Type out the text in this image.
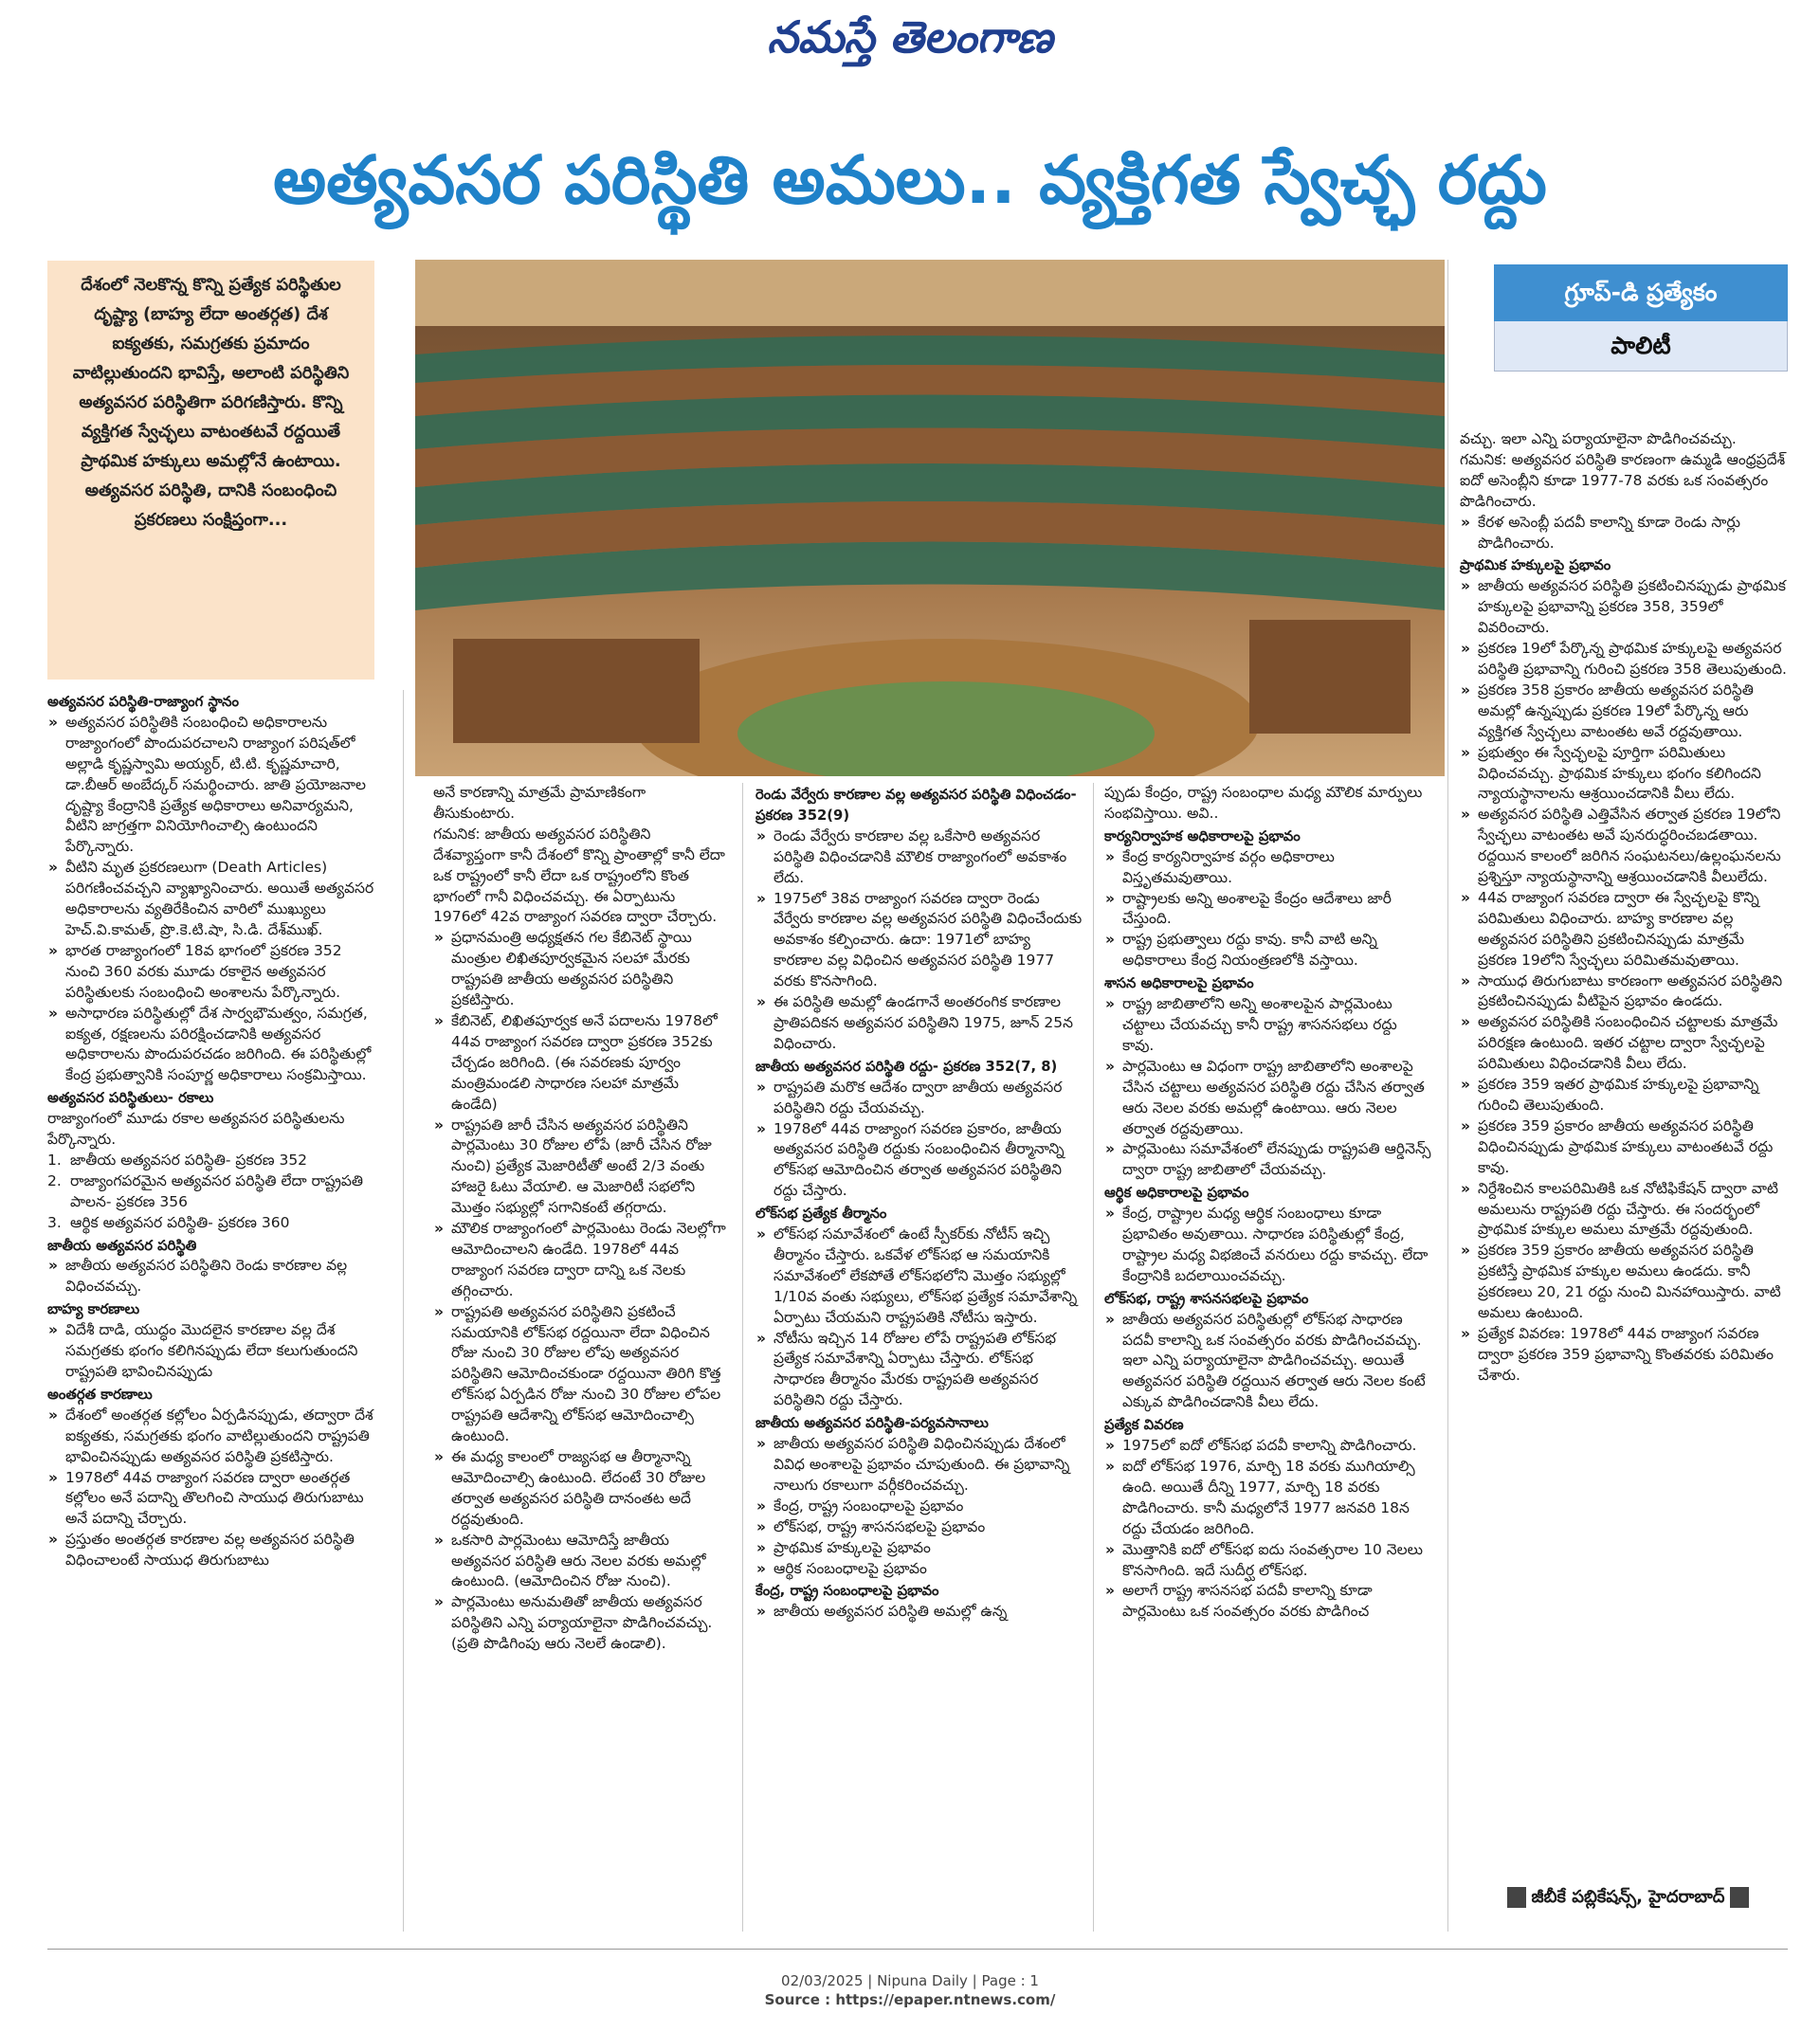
నమస్తే తెలంగాణ
అత్యవసర పరిస్థితి అమలు.. వ్యక్తిగత స్వేచ్ఛ రద్దు

దేశంలో నెలకొన్న కొన్ని ప్రత్యేక పరిస్థితుల దృష్ట్యా (బాహ్య లేదా అంతర్గత) దేశ ఐక్యతకు, సమగ్రతకు ప్రమాదం వాటిల్లుతుందని భావిస్తే, అలాంటి పరిస్థితిని అత్యవసర పరిస్థితిగా పరిగణిస్తారు. కొన్ని వ్యక్తిగత స్వేచ్ఛలు వాటంతటవే రద్దయితే ప్రాథమిక హక్కులు అమల్లోనే ఉంటాయి. అత్యవసర పరిస్థితి, దానికి సంబంధించి ప్రకరణలు సంక్షిప్తంగా...

గ్రూప్-డి ప్రత్యేకం
పాలిటీ
అత్యవసర పరిస్థితి-రాజ్యాంగ స్థానం
» అత్యవసర పరిస్థితికి సంబంధించి అధికారాలను రాజ్యాంగంలో పొందుపరచాలని రాజ్యాంగ పరిషత్‌లో అల్లాడి కృష్ణస్వామి అయ్యర్, టి.టి. కృష్ణమాచారి, డా.బీఆర్ అంబేద్కర్ సమర్థించారు. జాతి ప్రయోజనాల దృష్ట్యా కేంద్రానికి ప్రత్యేక అధికారాలు అనివార్యమని, వీటిని జాగ్రత్తగా వినియోగించాల్సి ఉంటుందని పేర్కొన్నారు.
» వీటిని మృత ప్రకరణలుగా (Death Articles) పరిగణించవచ్చని వ్యాఖ్యానించారు. అయితే అత్యవసర అధికారాలను వ్యతిరేకించిన వారిలో ముఖ్యులు హెచ్.వి.కామత్, ప్రొ.కె.టి.షా, సి.డి. దేశ్‌ముఖ్.
» భారత రాజ్యాంగంలో 18వ భాగంలో ప్రకరణ 352 నుంచి 360 వరకు మూడు రకాలైన అత్యవసర పరిస్థితులకు సంబంధించి అంశాలను పేర్కొన్నారు.
» అసాధారణ పరిస్థితుల్లో దేశ సార్వభౌమత్వం, సమగ్రత, ఐక్యత, రక్షణలను పరిరక్షించడానికి అత్యవసర అధికారాలను పొందుపరచడం జరిగింది. ఈ పరిస్థితుల్లో కేంద్ర ప్రభుత్వానికి సంపూర్ణ అధికారాలు సంక్రమిస్తాయి.
అత్యవసర పరిస్థితులు- రకాలు
రాజ్యాంగంలో మూడు రకాల అత్యవసర పరిస్థితులను పేర్కొన్నారు.
1. జాతీయ అత్యవసర పరిస్థితి- ప్రకరణ 352
2. రాజ్యాంగపరమైన అత్యవసర పరిస్థితి లేదా రాష్ట్రపతి పాలన- ప్రకరణ 356
3. ఆర్థిక అత్యవసర పరిస్థితి- ప్రకరణ 360
జాతీయ అత్యవసర పరిస్థితి
» జాతీయ అత్యవసర పరిస్థితిని రెండు కారణాల వల్ల విధించవచ్చు.
బాహ్య కారణాలు
» విదేశీ దాడి, యుద్ధం మొదలైన కారణాల వల్ల దేశ సమగ్రతకు భంగం కలిగినప్పుడు లేదా కలుగుతుందని రాష్ట్రపతి భావించినప్పుడు
అంతర్గత కారణాలు
» దేశంలో అంతర్గత కల్లోలం ఏర్పడినప్పుడు, తద్వారా దేశ ఐక్యతకు, సమగ్రతకు భంగం వాటిల్లుతుందని రాష్ట్రపతి భావించినప్పుడు అత్యవసర పరిస్థితి ప్రకటిస్తారు.
» 1978లో 44వ రాజ్యాంగ సవరణ ద్వారా అంతర్గత కల్లోలం అనే పదాన్ని తొలగించి సాయుధ తిరుగుబాటు అనే పదాన్ని చేర్చారు.
» ప్రస్తుతం అంతర్గత కారణాల వల్ల అత్యవసర పరిస్థితి విధించాలంటే సాయుధ తిరుగుబాటు
అనే కారణాన్ని మాత్రమే ప్రామాణికంగా తీసుకుంటారు.
గమనిక: జాతీయ అత్యవసర పరిస్థితిని దేశవ్యాప్తంగా కానీ దేశంలో కొన్ని ప్రాంతాల్లో కానీ లేదా ఒక రాష్ట్రంలో కానీ లేదా ఒక రాష్ట్రంలోని కొంత భాగంలో గానీ విధించవచ్చు. ఈ ఏర్పాటును 1976లో 42వ రాజ్యాంగ సవరణ ద్వారా చేర్చారు.
» ప్రధానమంత్రి అధ్యక్షతన గల కేబినెట్ స్థాయి మంత్రుల లిఖితపూర్వకమైన సలహా మేరకు రాష్ట్రపతి జాతీయ అత్యవసర పరిస్థితిని ప్రకటిస్తారు.
» కేబినెట్, లిఖితపూర్వక అనే పదాలను 1978లో 44వ రాజ్యాంగ సవరణ ద్వారా ప్రకరణ 352కు చేర్చడం జరిగింది. (ఈ సవరణకు పూర్వం మంత్రిమండలి సాధారణ సలహా మాత్రమే ఉండేది)
» రాష్ట్రపతి జారీ చేసిన అత్యవసర పరిస్థితిని పార్లమెంటు 30 రోజుల లోపే (జారీ చేసిన రోజు నుంచి) ప్రత్యేక మెజారిటీతో అంటే 2/3 వంతు హాజరై ఓటు వేయాలి. ఆ మెజారిటీ సభలోని మొత్తం సభ్యుల్లో సగానికంటే తగ్గరాదు.
» మౌలిక రాజ్యాంగంలో పార్లమెంటు రెండు నెలల్లోగా ఆమోదించాలని ఉండేది. 1978లో 44వ రాజ్యాంగ సవరణ ద్వారా దాన్ని ఒక నెలకు తగ్గించారు.
» రాష్ట్రపతి అత్యవసర పరిస్థితిని ప్రకటించే సమయానికి లోక్‌సభ రద్దయినా లేదా విధించిన రోజు నుంచి 30 రోజుల లోపు అత్యవసర పరిస్థితిని ఆమోదించకుండా రద్దయినా తిరిగి కొత్త లోక్‌సభ ఏర్పడిన రోజు నుంచి 30 రోజుల లోపల రాష్ట్రపతి ఆదేశాన్ని లోక్‌సభ ఆమోదించాల్సి ఉంటుంది.
» ఈ మధ్య కాలంలో రాజ్యసభ ఆ తీర్మానాన్ని ఆమోదించాల్సి ఉంటుంది. లేదంటే 30 రోజుల తర్వాత అత్యవసర పరిస్థితి దానంతట అదే రద్దవుతుంది.
» ఒకసారి పార్లమెంటు ఆమోదిస్తే జాతీయ అత్యవసర పరిస్థితి ఆరు నెలల వరకు అమల్లో ఉంటుంది. (ఆమోదించిన రోజు నుంచి).
» పార్లమెంటు అనుమతితో జాతీయ అత్యవసర పరిస్థితిని ఎన్ని పర్యాయాలైనా పొడిగించవచ్చు. (ప్రతి పొడిగింపు ఆరు నెలలే ఉండాలి).
రెండు వేర్వేరు కారణాల వల్ల అత్యవసర పరిస్థితి విధించడం- ప్రకరణ 352(9)
» రెండు వేర్వేరు కారణాల వల్ల ఒకేసారి అత్యవసర పరిస్థితి విధించడానికి మౌలిక రాజ్యాంగంలో అవకాశం లేదు.
» 1975లో 38వ రాజ్యాంగ సవరణ ద్వారా రెండు వేర్వేరు కారణాల వల్ల అత్యవసర పరిస్థితి విధించేందుకు అవకాశం కల్పించారు. ఉదా: 1971లో బాహ్య కారణాల వల్ల విధించిన అత్యవసర పరిస్థితి 1977 వరకు కొనసాగింది.
» ఈ పరిస్థితి అమల్లో ఉండగానే అంతరంగిక కారణాల ప్రాతిపదికన అత్యవసర పరిస్థితిని 1975, జూన్ 25న విధించారు.
జాతీయ అత్యవసర పరిస్థితి రద్దు- ప్రకరణ 352(7, 8)
» రాష్ట్రపతి మరొక ఆదేశం ద్వారా జాతీయ అత్యవసర పరిస్థితిని రద్దు చేయవచ్చు.
» 1978లో 44వ రాజ్యాంగ సవరణ ప్రకారం, జాతీయ అత్యవసర పరిస్థితి రద్దుకు సంబంధించిన తీర్మానాన్ని లోక్‌సభ ఆమోదించిన తర్వాత అత్యవసర పరిస్థితిని రద్దు చేస్తారు.
లోక్‌సభ ప్రత్యేక తీర్మానం
» లోక్‌సభ సమావేశంలో ఉంటే స్పీకర్‌కు నోటీస్ ఇచ్చి తీర్మానం చేస్తారు. ఒకవేళ లోక్‌సభ ఆ సమయానికి సమావేశంలో లేకపోతే లోక్‌సభలోని మొత్తం సభ్యుల్లో 1/10వ వంతు సభ్యులు, లోక్‌సభ ప్రత్యేక సమావేశాన్ని ఏర్పాటు చేయమని రాష్ట్రపతికి నోటీసు ఇస్తారు.
» నోటీసు ఇచ్చిన 14 రోజుల లోపే రాష్ట్రపతి లోక్‌సభ ప్రత్యేక సమావేశాన్ని ఏర్పాటు చేస్తారు. లోక్‌సభ సాధారణ తీర్మానం మేరకు రాష్ట్రపతి అత్యవసర పరిస్థితిని రద్దు చేస్తారు.
జాతీయ అత్యవసర పరిస్థితి-పర్యవసానాలు
» జాతీయ అత్యవసర పరిస్థితి విధించినప్పుడు దేశంలో వివిధ అంశాలపై ప్రభావం చూపుతుంది. ఈ ప్రభావాన్ని నాలుగు రకాలుగా వర్గీకరించవచ్చు.
» కేంద్ర, రాష్ట్ర సంబంధాలపై ప్రభావం
» లోక్‌సభ, రాష్ట్ర శాసనసభలపై ప్రభావం
» ప్రాథమిక హక్కులపై ప్రభావం
» ఆర్థిక సంబంధాలపై ప్రభావం
కేంద్ర, రాష్ట్ర సంబంధాలపై ప్రభావం
» జాతీయ అత్యవసర పరిస్థితి అమల్లో ఉన్న
ప్పుడు కేంద్రం, రాష్ట్ర సంబంధాల మధ్య మౌలిక మార్పులు సంభవిస్తాయి. అవి..
కార్యనిర్వాహక అధికారాలపై ప్రభావం
» కేంద్ర కార్యనిర్వాహక వర్గం అధికారాలు విస్తృతమవుతాయి.
» రాష్ట్రాలకు అన్ని అంశాలపై కేంద్రం ఆదేశాలు జారీ చేస్తుంది.
» రాష్ట్ర ప్రభుత్వాలు రద్దు కావు. కానీ వాటి అన్ని అధికారాలు కేంద్ర నియంత్రణలోకి వస్తాయి.
శాసన అధికారాలపై ప్రభావం
» రాష్ట్ర జాబితాలోని అన్ని అంశాలపైన పార్లమెంటు చట్టాలు చేయవచ్చు కానీ రాష్ట్ర శాసనసభలు రద్దు కావు.
» పార్లమెంటు ఆ విధంగా రాష్ట్ర జాబితాలోని అంశాలపై చేసిన చట్టాలు అత్యవసర పరిస్థితి రద్దు చేసిన తర్వాత ఆరు నెలల వరకు అమల్లో ఉంటాయి. ఆరు నెలల తర్వాత రద్దవుతాయి.
» పార్లమెంటు సమావేశంలో లేనప్పుడు రాష్ట్రపతి ఆర్డినెన్స్ ద్వారా రాష్ట్ర జాబితాలో చేయవచ్చు.
ఆర్థిక అధికారాలపై ప్రభావం
» కేంద్ర, రాష్ట్రాల మధ్య ఆర్థిక సంబంధాలు కూడా ప్రభావితం అవుతాయి. సాధారణ పరిస్థితుల్లో కేంద్ర, రాష్ట్రాల మధ్య విభజించే వనరులు రద్దు కావచ్చు. లేదా కేంద్రానికి బదలాయించవచ్చు.
లోక్‌సభ, రాష్ట్ర శాసనసభలపై ప్రభావం
» జాతీయ అత్యవసర పరిస్థితుల్లో లోక్‌సభ సాధారణ పదవీ కాలాన్ని ఒక సంవత్సరం వరకు పొడిగించవచ్చు. ఇలా ఎన్ని పర్యాయాలైనా పొడిగించవచ్చు. అయితే అత్యవసర పరిస్థితి రద్దయిన తర్వాత ఆరు నెలల కంటే ఎక్కువ పొడిగించడానికి వీలు లేదు.
ప్రత్యేక వివరణ
» 1975లో ఐదో లోక్‌సభ పదవీ కాలాన్ని పొడిగించారు.
» ఐదో లోక్‌సభ 1976, మార్చి 18 వరకు ముగియాల్సి ఉంది. అయితే దీన్ని 1977, మార్చి 18 వరకు పొడిగించారు. కానీ మధ్యలోనే 1977 జనవరి 18న రద్దు చేయడం జరిగింది.
» మొత్తానికి ఐదో లోక్‌సభ ఐదు సంవత్సరాల 10 నెలలు కొనసాగింది. ఇదే సుదీర్ఘ లోక్‌సభ.
» అలాగే రాష్ట్ర శాసనసభ పదవీ కాలాన్ని కూడా పార్లమెంటు ఒక సంవత్సరం వరకు పొడిగించ
వచ్చు. ఇలా ఎన్ని పర్యాయాలైనా పొడిగించవచ్చు.
గమనిక: అత్యవసర పరిస్థితి కారణంగా ఉమ్మడి ఆంధ్రప్రదేశ్ ఐదో అసెంబ్లీని కూడా 1977-78 వరకు ఒక సంవత్సరం పొడిగించారు.
» కేరళ అసెంబ్లీ పదవీ కాలాన్ని కూడా రెండు సార్లు పొడిగించారు.
ప్రాథమిక హక్కులపై ప్రభావం
» జాతీయ అత్యవసర పరిస్థితి ప్రకటించినప్పుడు ప్రాథమిక హక్కులపై ప్రభావాన్ని ప్రకరణ 358, 359లో వివరించారు.
» ప్రకరణ 19లో పేర్కొన్న ప్రాథమిక హక్కులపై అత్యవసర పరిస్థితి ప్రభావాన్ని గురించి ప్రకరణ 358 తెలుపుతుంది.
» ప్రకరణ 358 ప్రకారం జాతీయ అత్యవసర పరిస్థితి అమల్లో ఉన్నప్పుడు ప్రకరణ 19లో పేర్కొన్న ఆరు వ్యక్తిగత స్వేచ్ఛలు వాటంతట అవే రద్దవుతాయి.
» ప్రభుత్వం ఈ స్వేచ్ఛలపై పూర్తిగా పరిమితులు విధించవచ్చు. ప్రాథమిక హక్కులు భంగం కలిగిందని న్యాయస్థానాలను ఆశ్రయించడానికి వీలు లేదు.
» అత్యవసర పరిస్థితి ఎత్తివేసిన తర్వాత ప్రకరణ 19లోని స్వేచ్ఛలు వాటంతట అవే పునరుద్ధరించబడతాయి. రద్దయిన కాలంలో జరిగిన సంఘటనలు/ఉల్లంఘనలను ప్రశ్నిస్తూ న్యాయస్థానాన్ని ఆశ్రయించడానికి వీలులేదు.
» 44వ రాజ్యాంగ సవరణ ద్వారా ఈ స్వేచ్ఛలపై కొన్ని పరిమితులు విధించారు. బాహ్య కారణాల వల్ల అత్యవసర పరిస్థితిని ప్రకటించినప్పుడు మాత్రమే ప్రకరణ 19లోని స్వేచ్ఛలు పరిమితమవుతాయి.
» సాయుధ తిరుగుబాటు కారణంగా అత్యవసర పరిస్థితిని ప్రకటించినప్పుడు వీటిపైన ప్రభావం ఉండదు.
» అత్యవసర పరిస్థితికి సంబంధించిన చట్టాలకు మాత్రమే పరిరక్షణ ఉంటుంది. ఇతర చట్టాల ద్వారా స్వేచ్ఛలపై పరిమితులు విధించడానికి వీలు లేదు.
» ప్రకరణ 359 ఇతర ప్రాథమిక హక్కులపై ప్రభావాన్ని గురించి తెలుపుతుంది.
» ప్రకరణ 359 ప్రకారం జాతీయ అత్యవసర పరిస్థితి విధించినప్పుడు ప్రాథమిక హక్కులు వాటంతటవే రద్దు కావు.
» నిర్దేశించిన కాలపరిమితికి ఒక నోటిఫికేషన్ ద్వారా వాటి అమలును రాష్ట్రపతి రద్దు చేస్తారు. ఈ సందర్భంలో ప్రాథమిక హక్కుల అమలు మాత్రమే రద్దవుతుంది.
» ప్రకరణ 359 ప్రకారం జాతీయ అత్యవసర పరిస్థితి ప్రకటిస్తే ప్రాథమిక హక్కుల అమలు ఉండదు. కానీ ప్రకరణలు 20, 21 రద్దు నుంచి మినహాయిస్తారు. వాటి అమలు ఉంటుంది.
» ప్రత్యేక వివరణ: 1978లో 44వ రాజ్యాంగ సవరణ ద్వారా ప్రకరణ 359 ప్రభావాన్ని కొంతవరకు పరిమితం చేశారు.
జీబీకే పబ్లికేషన్స్, హైదరాబాద్
02/03/2025 | Nipuna Daily | Page : 1
Source : https://epaper.ntnews.com/
